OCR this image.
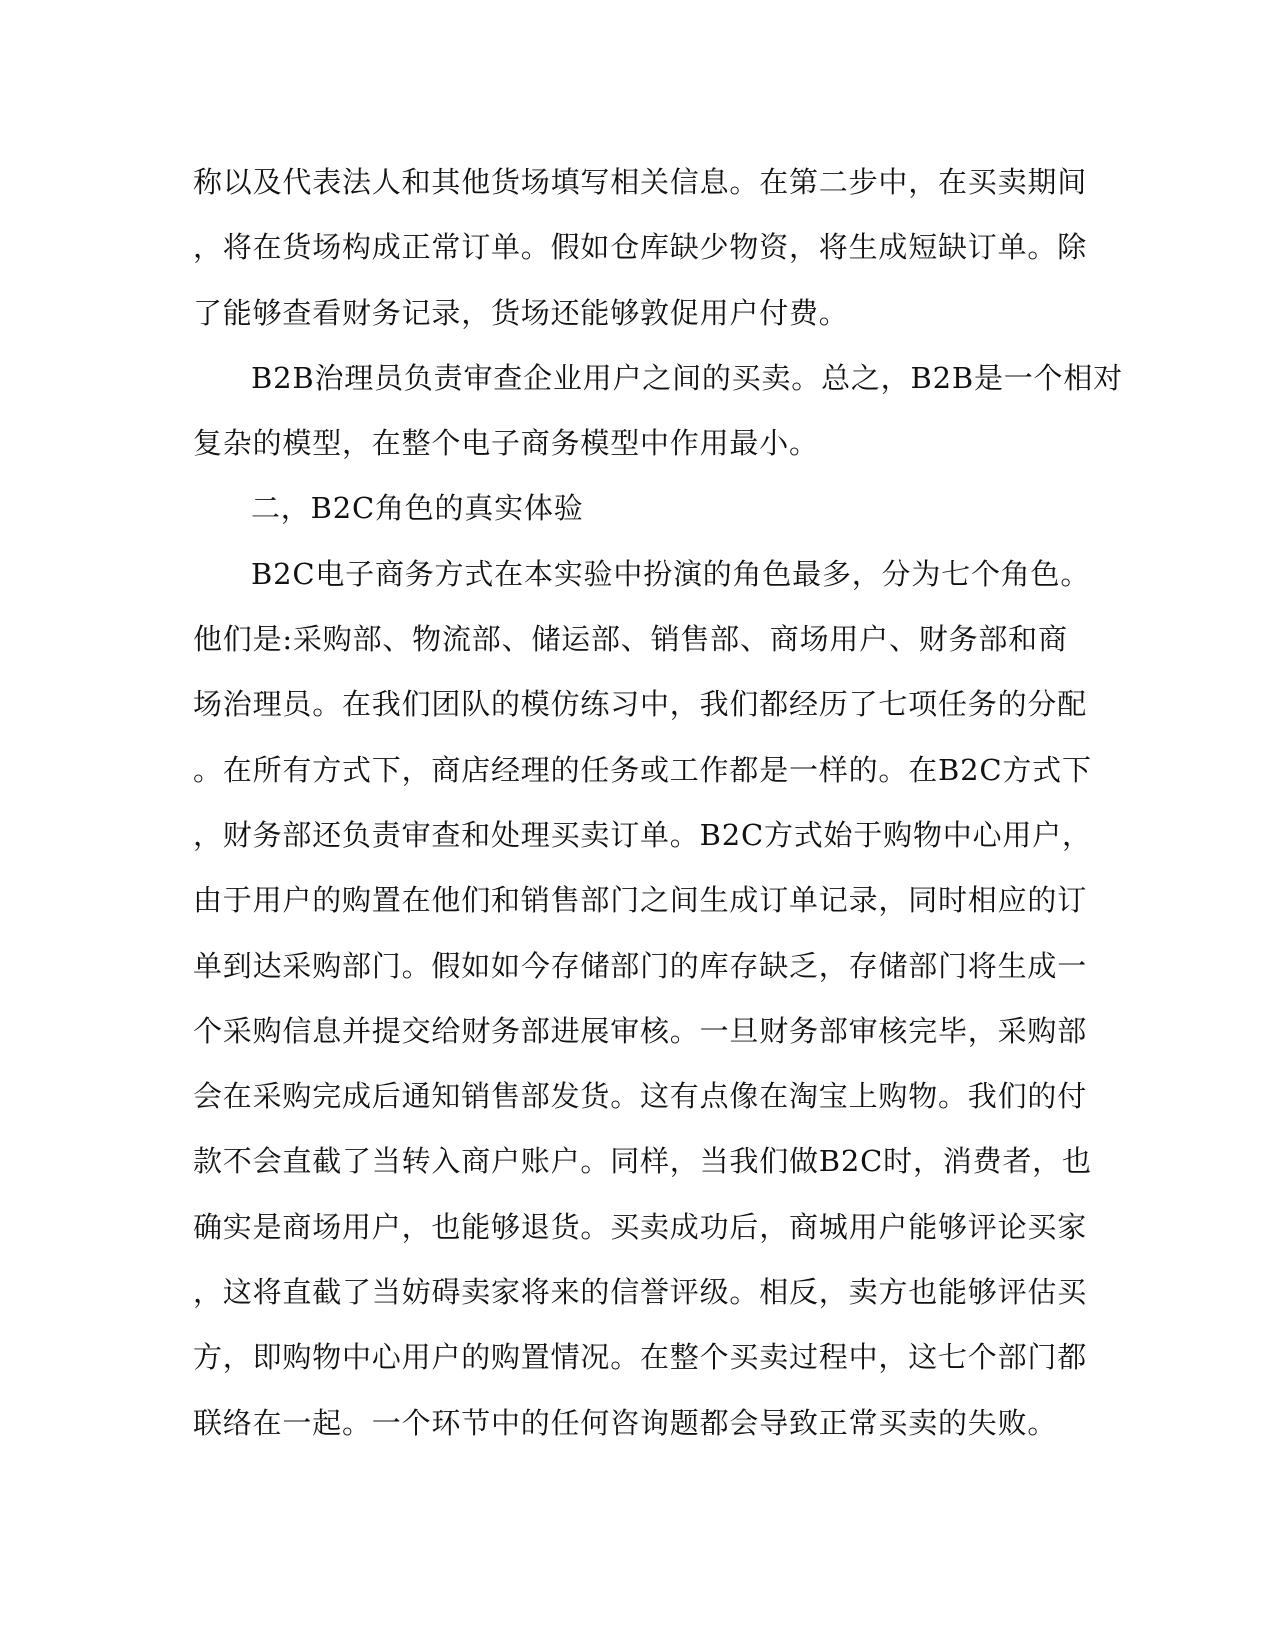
称以及代表法人和其他货场填写相关信息。在第二步中，在买卖期间
，将在货场构成正常订单。假如仓库缺少物资，将生成短缺订单。除
了能够查看财务记录，货场还能够敦促用户付费。
B2B治理员负责审查企业用户之间的买卖。总之，B2B是一个相对
复杂的模型，在整个电子商务模型中作用最小。
二，B2C角色的真实体验
B2C电子商务方式在本实验中扮演的角色最多，分为七个角色。
他们是:采购部、物流部、储运部、销售部、商场用户、财务部和商
场治理员。在我们团队的模仿练习中，我们都经历了七项任务的分配
。在所有方式下，商店经理的任务或工作都是一样的。在B2C方式下
，财务部还负责审查和处理买卖订单。B2C方式始于购物中心用户，
由于用户的购置在他们和销售部门之间生成订单记录，同时相应的订
单到达采购部门。假如如今存储部门的库存缺乏，存储部门将生成一
个采购信息并提交给财务部进展审核。一旦财务部审核完毕，采购部
会在采购完成后通知销售部发货。这有点像在淘宝上购物。我们的付
款不会直截了当转入商户账户。同样，当我们做B2C时，消费者，也
确实是商场用户，也能够退货。买卖成功后，商城用户能够评论买家
，这将直截了当妨碍卖家将来的信誉评级。相反，卖方也能够评估买
方，即购物中心用户的购置情况。在整个买卖过程中，这七个部门都
联络在一起。一个环节中的任何咨询题都会导致正常买卖的失败。
